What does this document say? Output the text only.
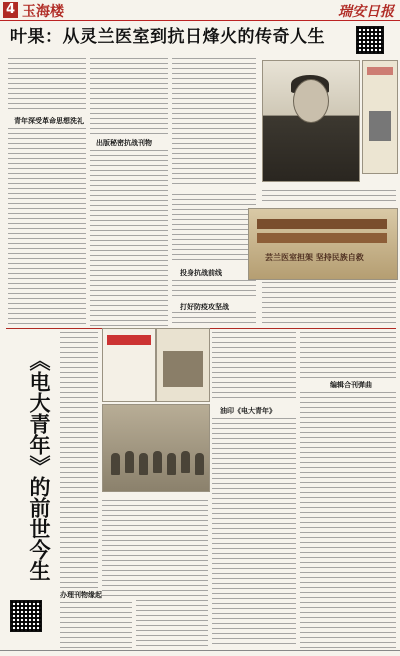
4 玉海楼	瑞安日报
叶果：从灵兰医室到抗日烽火的传奇人生
青年深受革命思想洗礼
出版秘密抗战刊物
投身抗战前线
打好防疫攻坚战
芸兰医室担架 坚持民族自救
《电大青年》的前世今生
办理刊物缘起
油印《电大青年》
编辑合刊弹曲
